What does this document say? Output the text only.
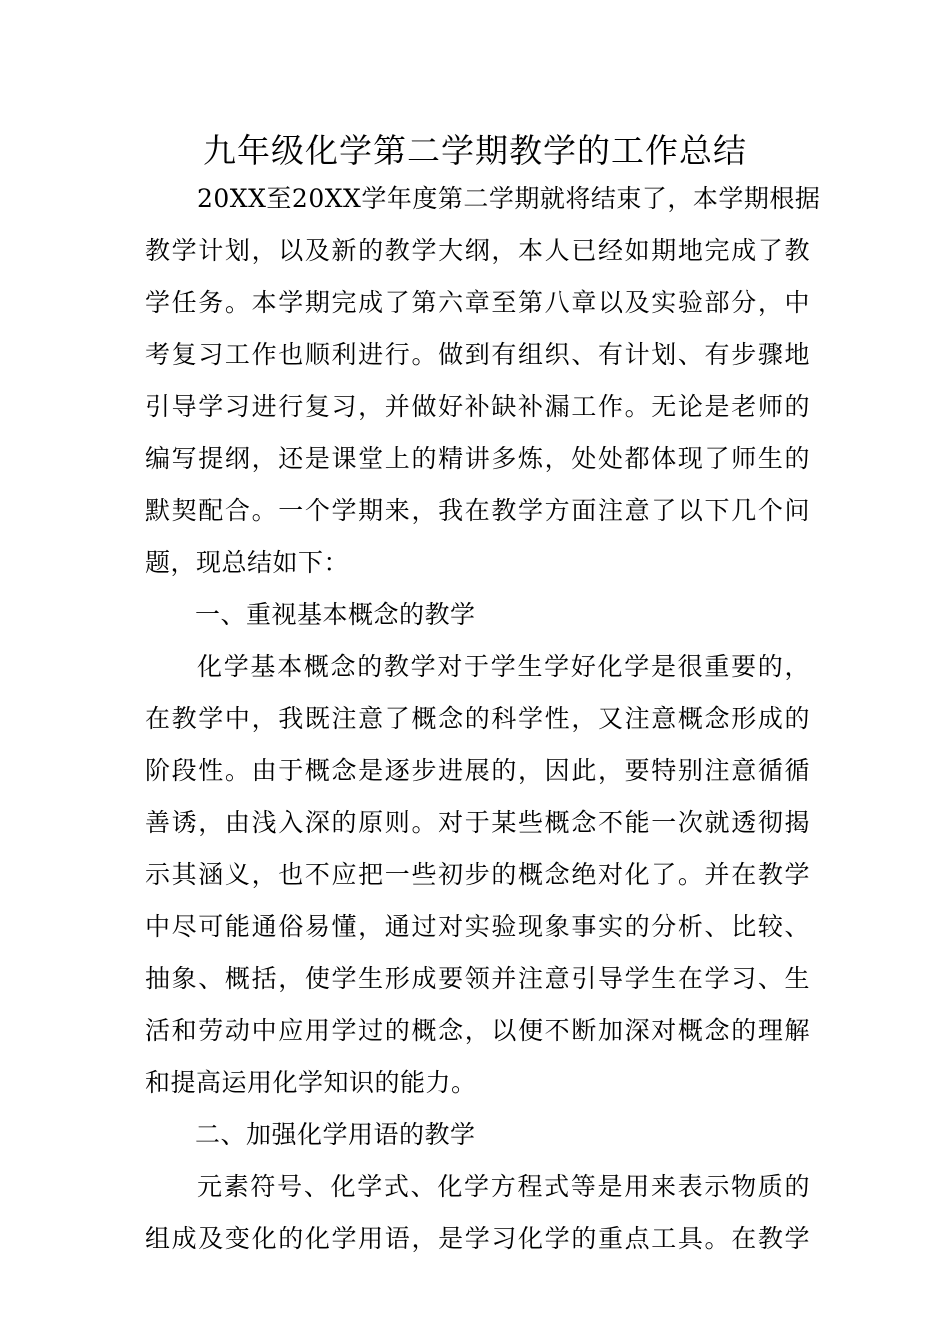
九年级化学第二学期教学的工作总结
20XX至20XX学年度第二学期就将结束了，本学期根据
教学计划，以及新的教学大纲，本人已经如期地完成了教
学任务。本学期完成了第六章至第八章以及实验部分，中
考复习工作也顺利进行。做到有组织、有计划、有步骤地
引导学习进行复习，并做好补缺补漏工作。无论是老师的
编写提纲，还是课堂上的精讲多炼，处处都体现了师生的
默契配合。一个学期来，我在教学方面注意了以下几个问
题，现总结如下：
一、重视基本概念的教学
化学基本概念的教学对于学生学好化学是很重要的，
在教学中，我既注意了概念的科学性，又注意概念形成的
阶段性。由于概念是逐步进展的，因此，要特别注意循循
善诱，由浅入深的原则。对于某些概念不能一次就透彻揭
示其涵义，也不应把一些初步的概念绝对化了。并在教学
中尽可能通俗易懂，通过对实验现象事实的分析、比较、
抽象、概括，使学生形成要领并注意引导学生在学习、生
活和劳动中应用学过的概念，以便不断加深对概念的理解
和提高运用化学知识的能力。
二、加强化学用语的教学
元素符号、化学式、化学方程式等是用来表示物质的
组成及变化的化学用语，是学习化学的重点工具。在教学
